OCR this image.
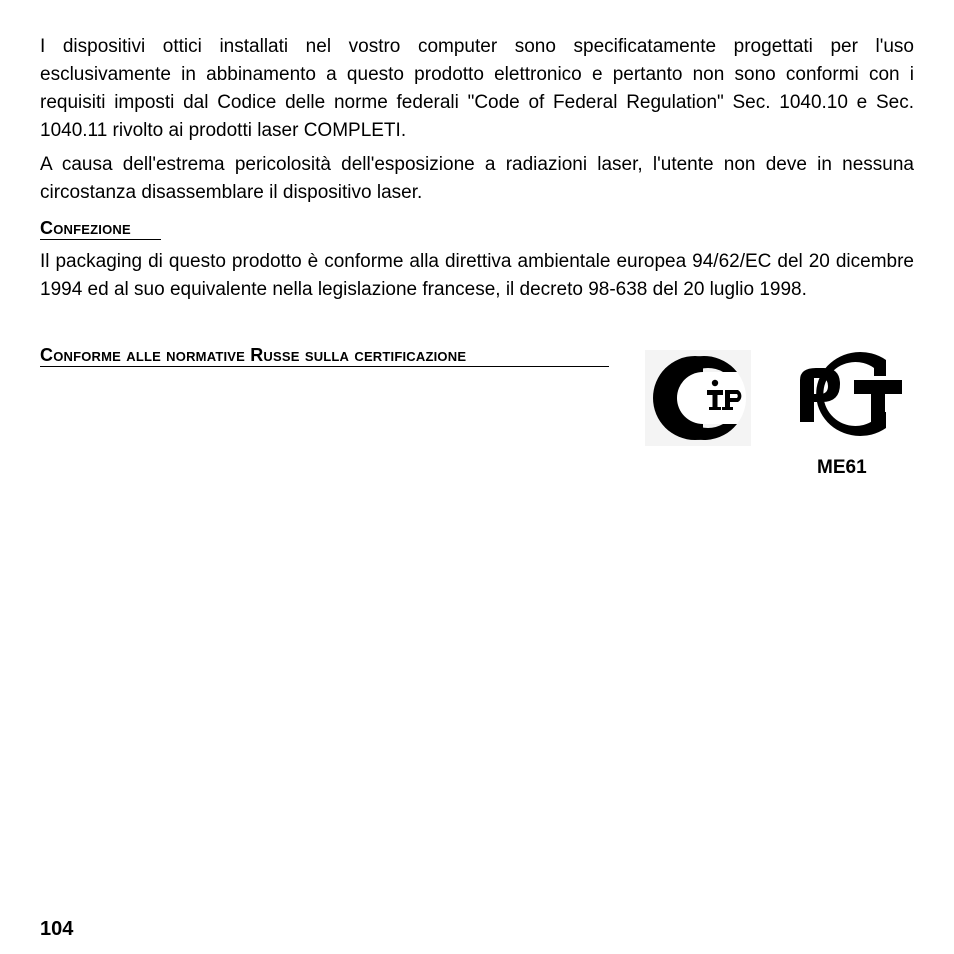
I dispositivi ottici installati nel vostro computer sono specificatamente progettati per l'uso esclusivamente in abbinamento a questo prodotto elettronico e pertanto non sono conformi con i requisiti imposti dal Codice delle norme federali "Code of Federal Regulation" Sec. 1040.10 e Sec. 1040.11 rivolto ai prodotti laser COMPLETI.

A causa dell'estrema pericolosità dell'esposizione a radiazioni laser, l'utente non deve in nessuna circostanza disassemblare il dispositivo laser.

Confezione

Il packaging di questo prodotto è conforme alla direttiva ambientale europea 94/62/EC del 20 dicembre 1994 ed al suo equivalente nella legislazione francese, il decreto 98-638 del 20 luglio 1998.

Conforme alle normative Russe sulla certificazione

ME61

104
